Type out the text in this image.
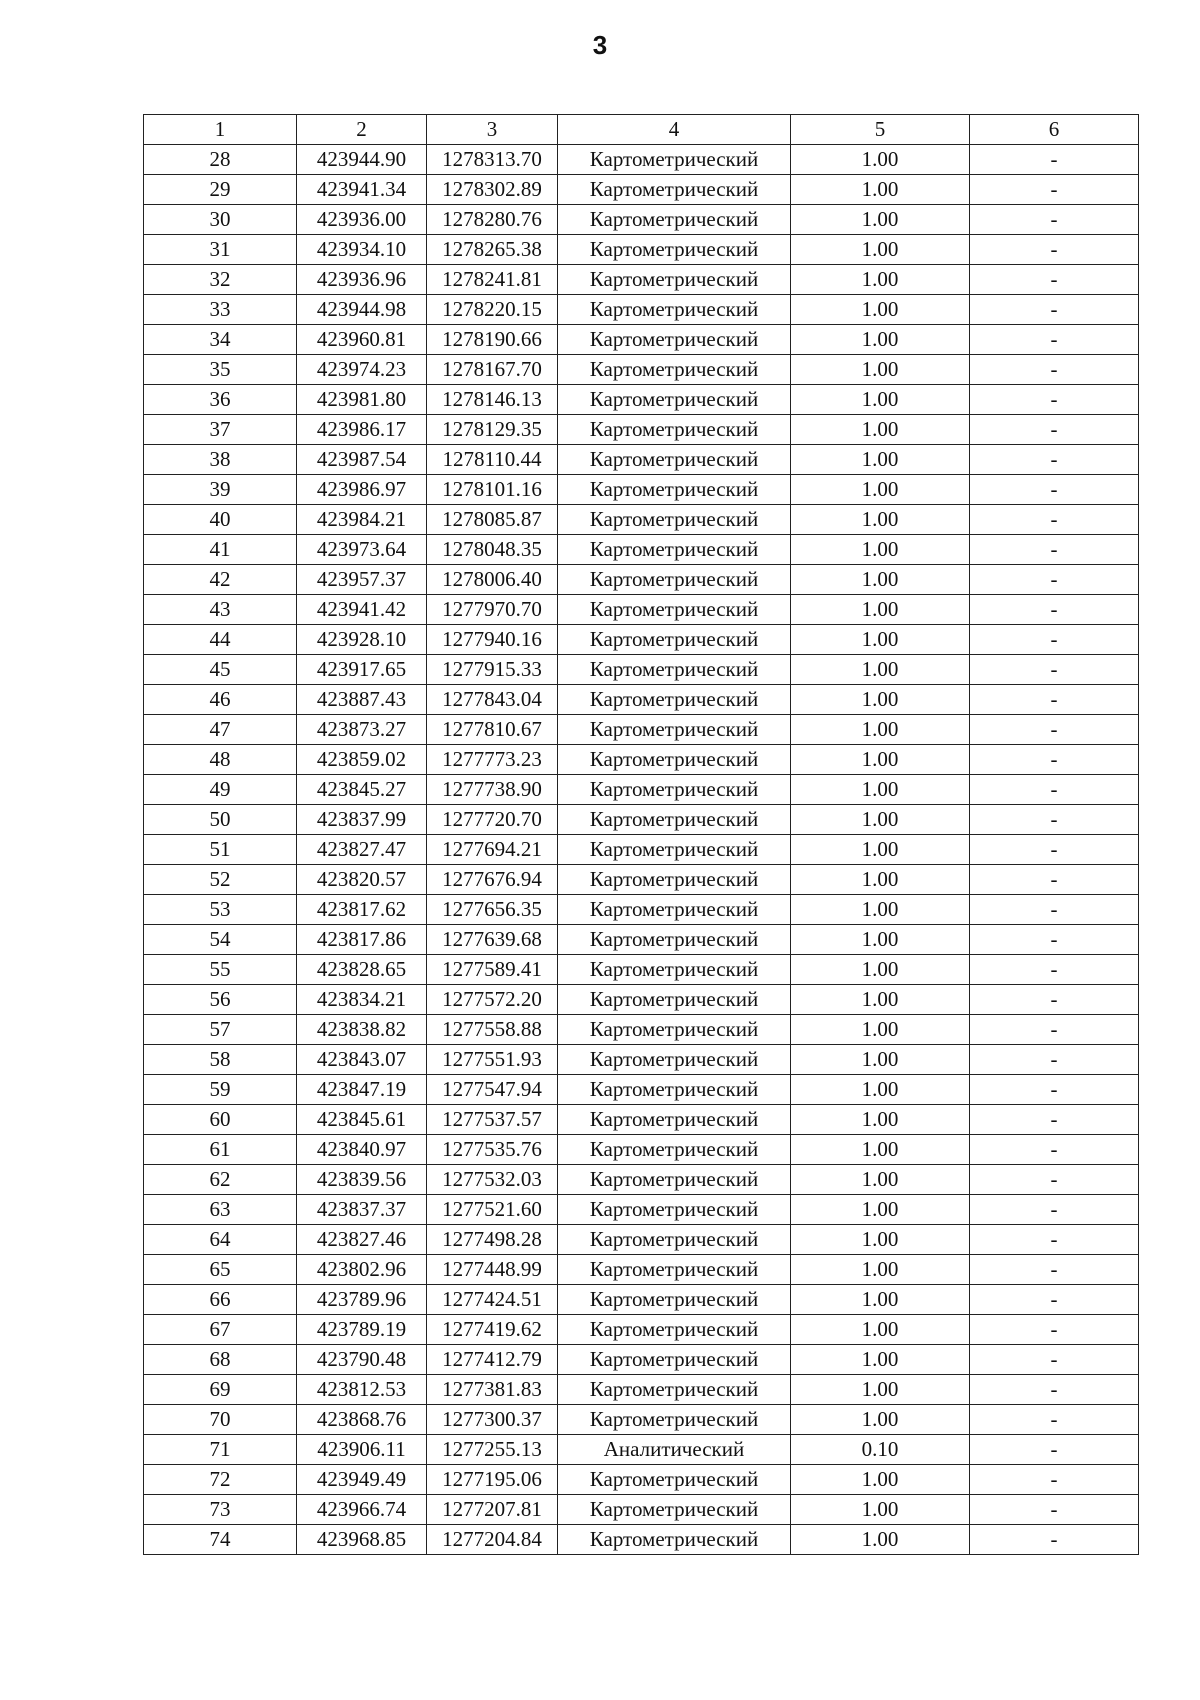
3
1	2	3	4	5	6
28	423944.90	1278313.70	Картометрический	1.00	-
29	423941.34	1278302.89	Картометрический	1.00	-
30	423936.00	1278280.76	Картометрический	1.00	-
31	423934.10	1278265.38	Картометрический	1.00	-
32	423936.96	1278241.81	Картометрический	1.00	-
33	423944.98	1278220.15	Картометрический	1.00	-
34	423960.81	1278190.66	Картометрический	1.00	-
35	423974.23	1278167.70	Картометрический	1.00	-
36	423981.80	1278146.13	Картометрический	1.00	-
37	423986.17	1278129.35	Картометрический	1.00	-
38	423987.54	1278110.44	Картометрический	1.00	-
39	423986.97	1278101.16	Картометрический	1.00	-
40	423984.21	1278085.87	Картометрический	1.00	-
41	423973.64	1278048.35	Картометрический	1.00	-
42	423957.37	1278006.40	Картометрический	1.00	-
43	423941.42	1277970.70	Картометрический	1.00	-
44	423928.10	1277940.16	Картометрический	1.00	-
45	423917.65	1277915.33	Картометрический	1.00	-
46	423887.43	1277843.04	Картометрический	1.00	-
47	423873.27	1277810.67	Картометрический	1.00	-
48	423859.02	1277773.23	Картометрический	1.00	-
49	423845.27	1277738.90	Картометрический	1.00	-
50	423837.99	1277720.70	Картометрический	1.00	-
51	423827.47	1277694.21	Картометрический	1.00	-
52	423820.57	1277676.94	Картометрический	1.00	-
53	423817.62	1277656.35	Картометрический	1.00	-
54	423817.86	1277639.68	Картометрический	1.00	-
55	423828.65	1277589.41	Картометрический	1.00	-
56	423834.21	1277572.20	Картометрический	1.00	-
57	423838.82	1277558.88	Картометрический	1.00	-
58	423843.07	1277551.93	Картометрический	1.00	-
59	423847.19	1277547.94	Картометрический	1.00	-
60	423845.61	1277537.57	Картометрический	1.00	-
61	423840.97	1277535.76	Картометрический	1.00	-
62	423839.56	1277532.03	Картометрический	1.00	-
63	423837.37	1277521.60	Картометрический	1.00	-
64	423827.46	1277498.28	Картометрический	1.00	-
65	423802.96	1277448.99	Картометрический	1.00	-
66	423789.96	1277424.51	Картометрический	1.00	-
67	423789.19	1277419.62	Картометрический	1.00	-
68	423790.48	1277412.79	Картометрический	1.00	-
69	423812.53	1277381.83	Картометрический	1.00	-
70	423868.76	1277300.37	Картометрический	1.00	-
71	423906.11	1277255.13	Аналитический	0.10	-
72	423949.49	1277195.06	Картометрический	1.00	-
73	423966.74	1277207.81	Картометрический	1.00	-
74	423968.85	1277204.84	Картометрический	1.00	-
